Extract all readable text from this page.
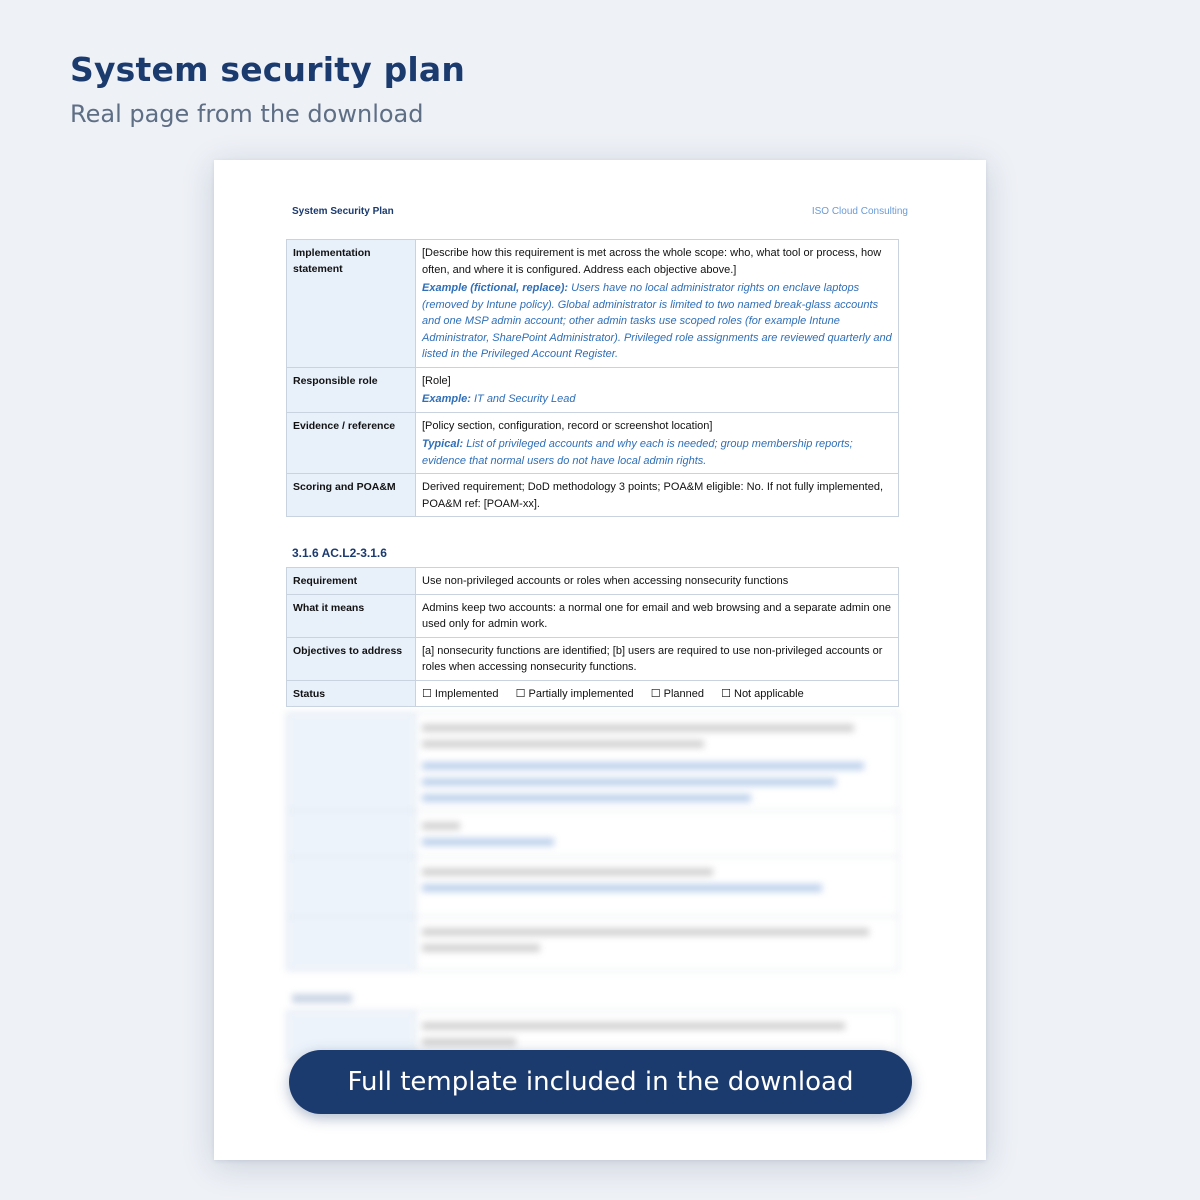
System security plan

Real page from the download

System Security Plan	ISO Cloud Consulting
Implementation statement	[Describe how this requirement is met across the whole scope: who, what tool or process, how often, and where it is configured. Address each objective above.]
Example (fictional, replace): Users have no local administrator rights on enclave laptops (removed by Intune policy). Global administrator is limited to two named break-glass accounts and one MSP admin account; other admin tasks use scoped roles (for example Intune Administrator, SharePoint Administrator). Privileged role assignments are reviewed quarterly and listed in the Privileged Account Register.

Responsible role	[Role]
Example: IT and Security Lead

Evidence / reference	[Policy section, configuration, record or screenshot location]
Typical: List of privileged accounts and why each is needed; group membership reports; evidence that normal users do not have local admin rights.

Scoring and POA&M	Derived requirement; DoD methodology 3 points; POA&M eligible: No. If not fully implemented, POA&M ref: [POAM-xx].
3.1.6 AC.L2-3.1.6
Requirement	Use non-privileged accounts or roles when accessing nonsecurity functions
What it means	Admins keep two accounts: a normal one for email and web browsing and a separate admin one used only for admin work.
Objectives to address	[a] nonsecurity functions are identified; [b] users are required to use non-privileged accounts or roles when accessing nonsecurity functions.
Status	☐ Implemented ☐ Partially implemented ☐ Planned ☐ Not applicable

Full template included in the download
